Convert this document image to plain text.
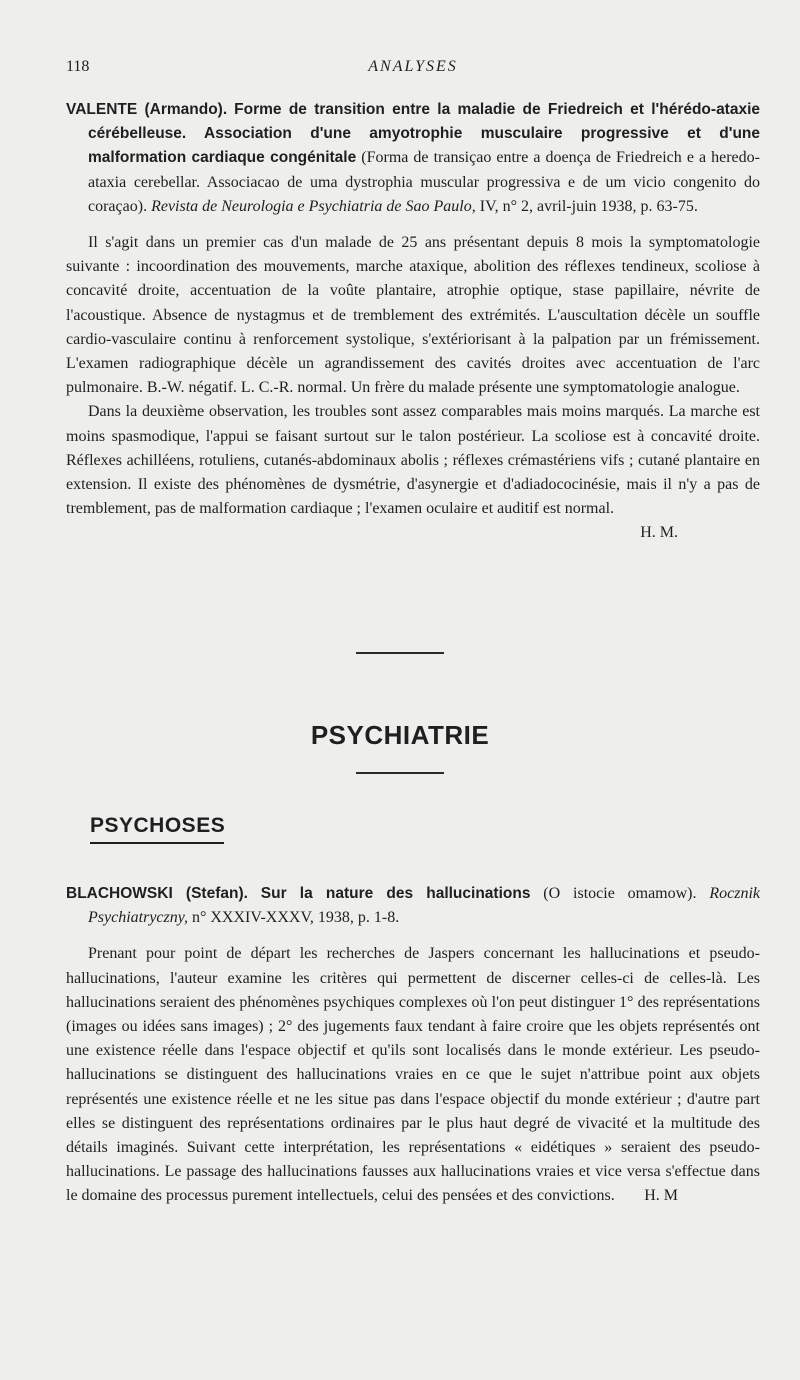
118	ANALYSES

VALENTE (Armando). Forme de transition entre la maladie de Friedreich et l'hérédo-ataxie cérébelleuse. Association d'une amyotrophie musculaire progressive et d'une malformation cardiaque congénitale (Forma de transiçao entre a doença de Friedreich e a heredo-ataxia cerebellar. Associacao de uma dystrophia muscular progressiva e de um vicio congenito do coraçao). Revista de Neurologia e Psychiatria de Sao Paulo, IV, n° 2, avril-juin 1938, p. 63-75.

Il s'agit dans un premier cas d'un malade de 25 ans présentant depuis 8 mois la symptomatologie suivante : incoordination des mouvements, marche ataxique, abolition des réflexes tendineux, scoliose à concavité droite, accentuation de la voûte plantaire, atrophie optique, stase papillaire, névrite de l'acoustique. Absence de nystagmus et de tremblement des extrémités. L'auscultation décèle un souffle cardio-vasculaire continu à renforcement systolique, s'extériorisant à la palpation par un frémissement. L'examen radiographique décèle un agrandissement des cavités droites avec accentuation de l'arc pulmonaire. B.-W. négatif. L. C.-R. normal. Un frère du malade présente une symptomatologie analogue.

Dans la deuxième observation, les troubles sont assez comparables mais moins marqués. La marche est moins spasmodique, l'appui se faisant surtout sur le talon postérieur. La scoliose est à concavité droite. Réflexes achilléens, rotuliens, cutanés-abdominaux abolis ; réflexes crémastériens vifs ; cutané plantaire en extension. Il existe des phénomènes de dysmétrie, d'asynergie et d'adiadococinésie, mais il n'y a pas de tremblement, pas de malformation cardiaque ; l'examen oculaire et auditif est normal.

H. M.
PSYCHIATRIE
PSYCHOSES

BLACHOWSKI (Stefan). Sur la nature des hallucinations (O istocie omamow). Rocznik Psychiatryczny, n° XXXIV-XXXV, 1938, p. 1-8.

Prenant pour point de départ les recherches de Jaspers concernant les hallucinations et pseudo-hallucinations, l'auteur examine les critères qui permettent de discerner celles-ci de celles-là. Les hallucinations seraient des phénomènes psychiques complexes où l'on peut distinguer 1° des représentations (images ou idées sans images) ; 2° des jugements faux tendant à faire croire que les objets représentés ont une existence réelle dans l'espace objectif et qu'ils sont localisés dans le monde extérieur. Les pseudo-hallucinations se distinguent des hallucinations vraies en ce que le sujet n'attribue point aux objets représentés une existence réelle et ne les situe pas dans l'espace objectif du monde extérieur ; d'autre part elles se distinguent des représentations ordinaires par le plus haut degré de vivacité et la multitude des détails imaginés. Suivant cette interprétation, les représentations « eidétiques » seraient des pseudo-hallucinations. Le passage des hallucinations fausses aux hallucinations vraies et vice versa s'effectue dans le domaine des processus purement intellectuels, celui des pensées et des convictions.	H. M
